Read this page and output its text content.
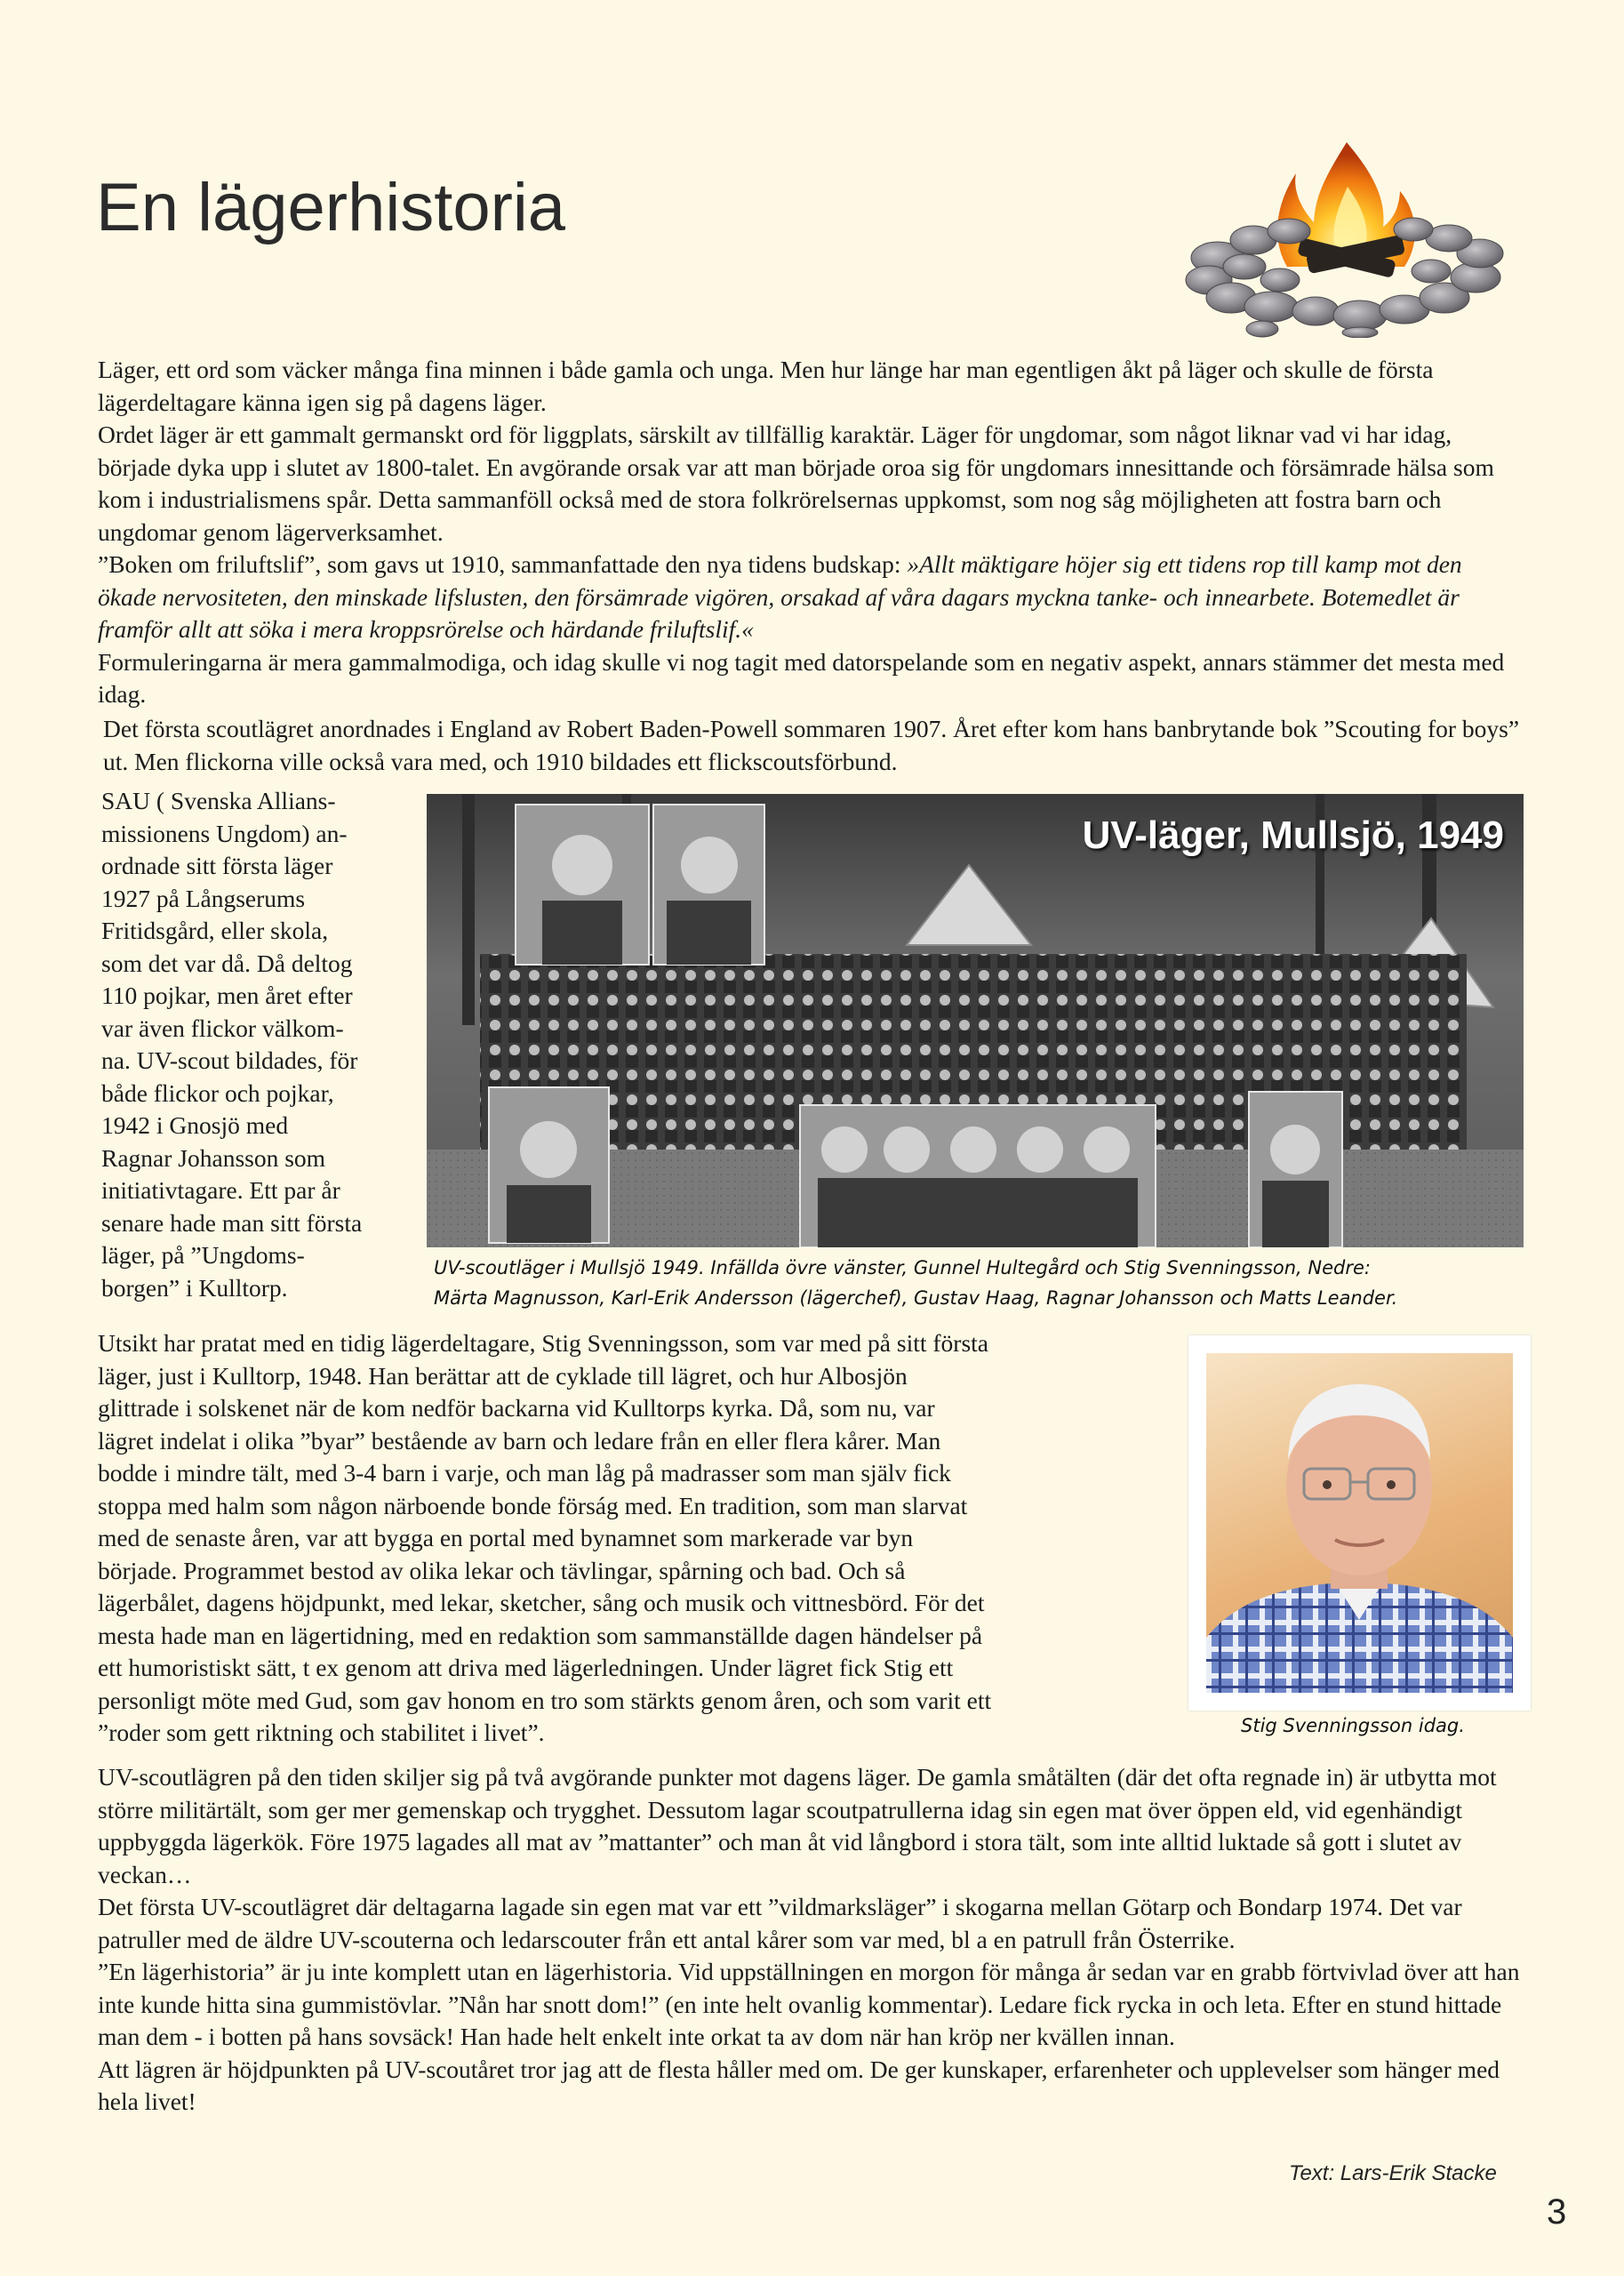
En lägerhistoria

Läger, ett ord som väcker många fina minnen i både gamla och unga. Men hur länge har man egentligen åkt på läger och skulle de första lägerdeltagare känna igen sig på dagens läger.

Ordet läger är ett gammalt germanskt ord för liggplats, särskilt av tillfällig karaktär. Läger för ungdomar, som något liknar vad vi har idag, började dyka upp i slutet av 1800-talet. En avgörande orsak var att man började oroa sig för ungdomars innesittande och försämrade hälsa som kom i industrialismens spår. Detta sammanföll också med de stora folkrörelsernas uppkomst, som nog såg möjligheten att fostra barn och ungdomar genom lägerverksamhet.

”Boken om friluftslif”, som gavs ut 1910, sammanfattade den nya tidens budskap: »Allt mäktigare höjer sig ett tidens rop till kamp mot den ökade nervositeten, den minskade lifslusten, den försämrade vigören, orsakad af våra dagars myckna tanke- och innearbete. Botemedlet är framför allt att söka i mera kroppsrörelse och härdande friluftslif.«

Formuleringarna är mera gammalmodiga, och idag skulle vi nog tagit med datorspelande som en negativ aspekt, annars stämmer det mesta med idag.

Det första scoutlägret anordnades i England av Robert Baden-Powell sommaren 1907. Året efter kom hans banbrytande bok ”Scouting for boys” ut. Men flickorna ville också vara med, och 1910 bildades ett flickscoutsförbund.

SAU ( Svenska Allians-
missionens Ungdom) an-
ordnade sitt första läger
1927 på Långserums
Fritidsgård, eller skola,
som det var då. Då deltog
110 pojkar, men året efter
var även flickor välkom-
na. UV-scout bildades, för
både flickor och pojkar,
1942 i Gnosjö med
Ragnar Johansson som
initiativtagare. Ett par år
senare hade man sitt första
läger, på ”Ungdoms-
borgen” i Kulltorp.
UV-läger, Mullsjö, 1949

UV-scoutläger i Mullsjö 1949. Infällda övre vänster, Gunnel Hultegård och Stig Svenningsson, Nedre:

Märta Magnusson, Karl-Erik Andersson (lägerchef), Gustav Haag, Ragnar Johansson och Matts Leander.

Utsikt har pratat med en tidig lägerdeltagare, Stig Svenningsson, som var med på sitt första
läger, just i Kulltorp, 1948. Han berättar att de cyklade till lägret, och hur Albosjön
glittrade i solskenet när de kom nedför backarna vid Kulltorps kyrka. Då, som nu, var
lägret indelat i olika ”byar” bestående av barn och ledare från en eller flera kårer. Man
bodde i mindre tält, med 3-4 barn i varje, och man låg på madrasser som man själv fick
stoppa med halm som någon närboende bonde förság med. En tradition, som man slarvat
med de senaste åren, var att bygga en portal med bynamnet som markerade var byn
började. Programmet bestod av olika lekar och tävlingar, spårning och bad. Och så
lägerbålet, dagens höjdpunkt, med lekar, sketcher, sång och musik och vittnesbörd. För det
mesta hade man en lägertidning, med en redaktion som sammanställde dagen händelser på
ett humoristiskt sätt, t ex genom att driva med lägerledningen. Under lägret fick Stig ett
personligt möte med Gud, som gav honom en tro som stärkts genom åren, och som varit ett
”roder som gett riktning och stabilitet i livet”.	Stig Svenningsson idag.

UV-scoutlägren på den tiden skiljer sig på två avgörande punkter mot dagens läger. De gamla småtälten (där det ofta regnade in) är utbytta mot större militärtält, som ger mer gemenskap och trygghet. Dessutom lagar scoutpatrullerna idag sin egen mat över öppen eld, vid egenhändigt uppbyggda lägerkök. Före 1975 lagades all mat av ”mattanter” och man åt vid långbord i stora tält, som inte alltid luktade så gott i slutet av veckan…

Det första UV-scoutlägret där deltagarna lagade sin egen mat var ett ”vildmarksläger” i skogarna mellan Götarp och Bondarp 1974. Det var patruller med de äldre UV-scouterna och ledarscouter från ett antal kårer som var med, bl a en patrull från Österrike.

”En lägerhistoria” är ju inte komplett utan en lägerhistoria. Vid uppställningen en morgon för många år sedan var en grabb förtvivlad över att han inte kunde hitta sina gummistövlar. ”Nån har snott dom!” (en inte helt ovanlig kommentar). Ledare fick rycka in och leta. Efter en stund hittade man dem - i botten på hans sovsäck! Han hade helt enkelt inte orkat ta av dom när han kröp ner kvällen innan.

Att lägren är höjdpunkten på UV-scoutåret tror jag att de flesta håller med om. De ger kunskaper, erfarenheter och upplevelser som hänger med hela livet!

Text: Lars-Erik Stacke
3
